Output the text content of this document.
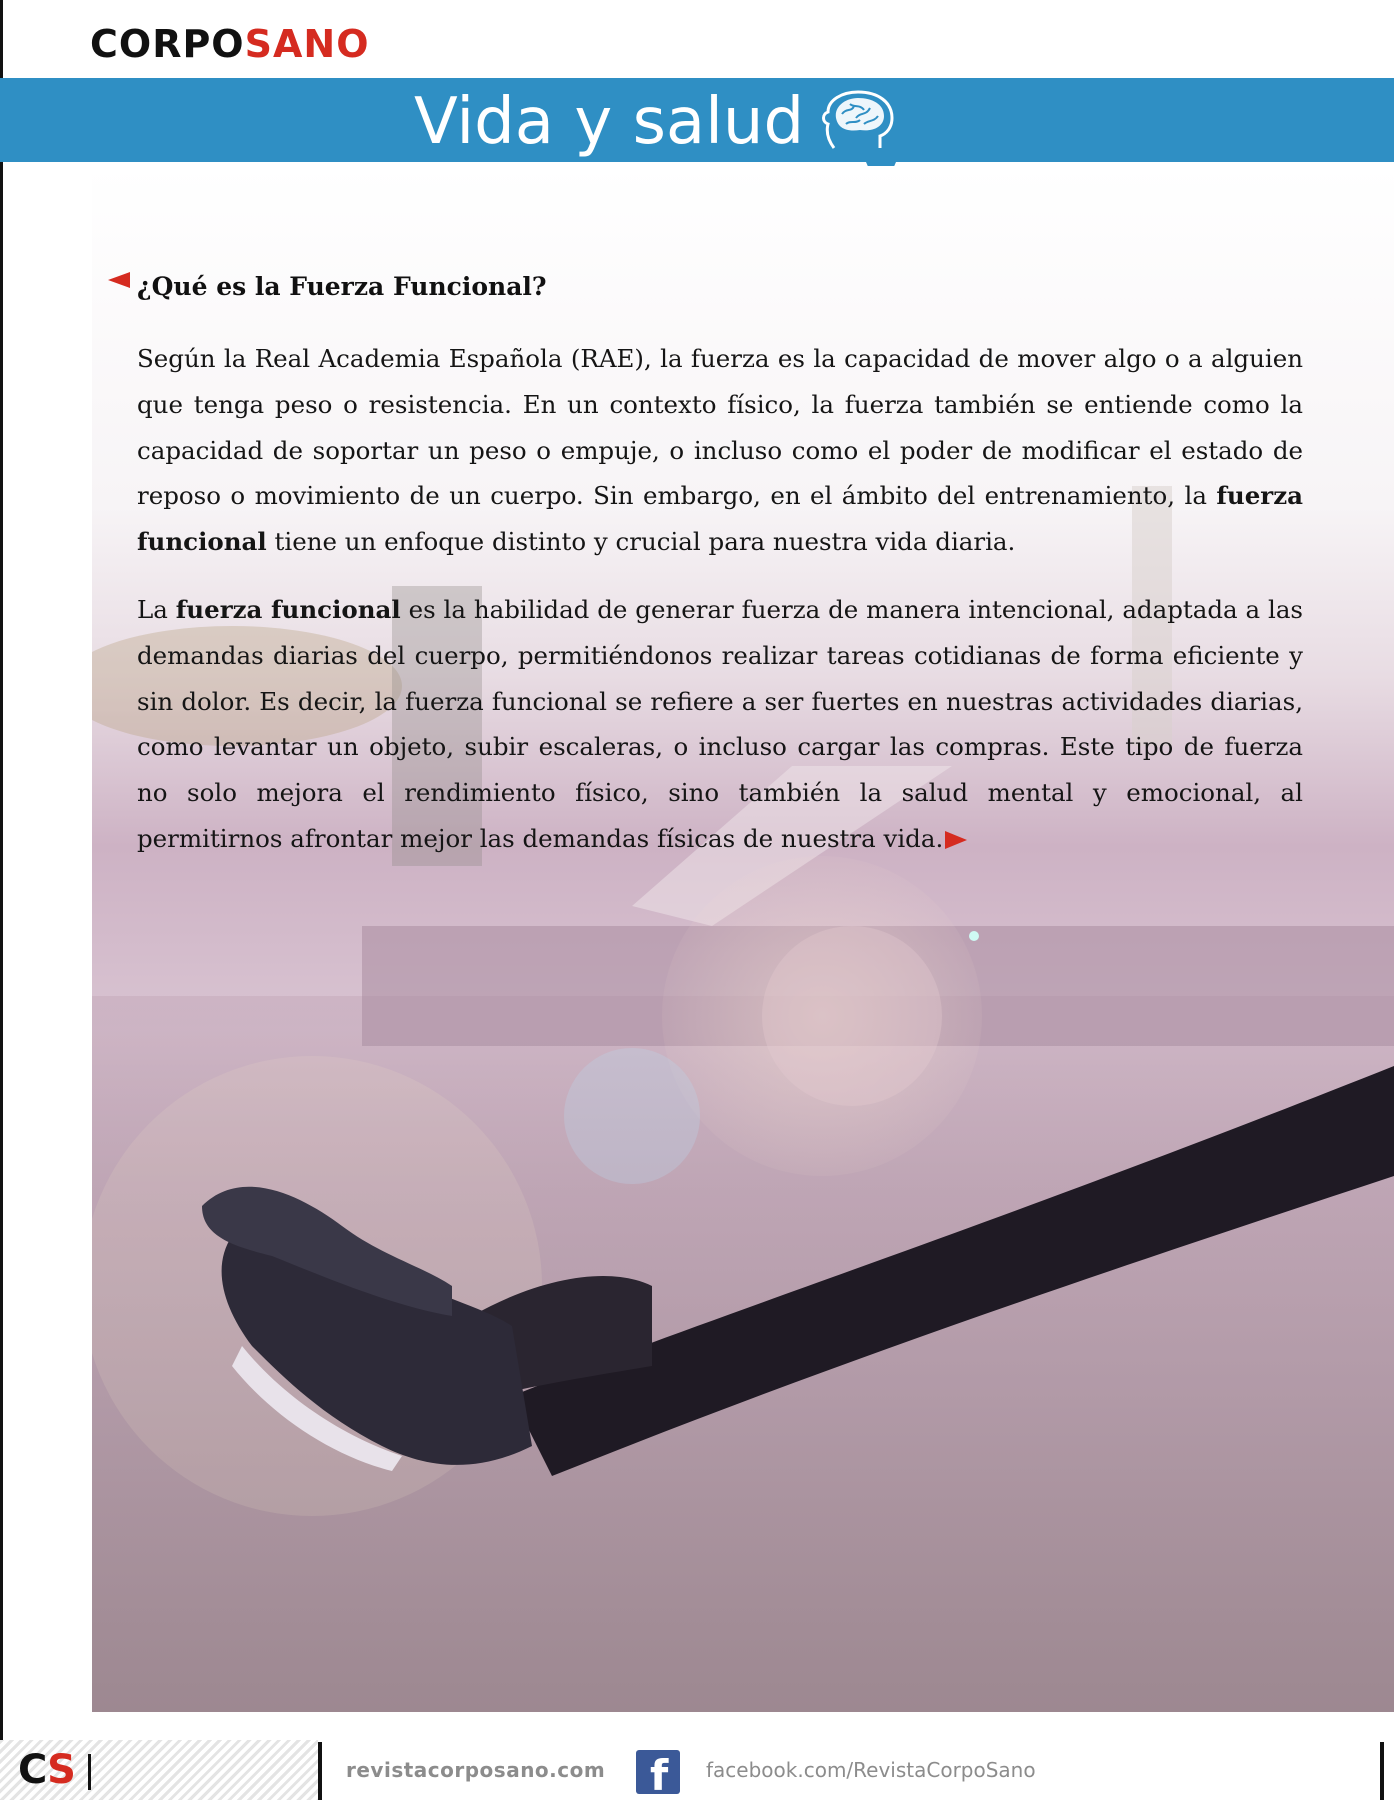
CORPOSANO
Vida y salud
¿Qué es la Fuerza Funcional?

Según la Real Academia Española (RAE), la fuerza es la capacidad de mover algo o a alguien que tenga peso o resistencia. En un contexto físico, la fuerza también se entiende como la capacidad de soportar un peso o empuje, o incluso como el poder de modificar el estado de reposo o movimiento de un cuerpo. Sin embargo, en el ámbito del entrenamiento, la fuerza funcional tiene un enfoque distinto y crucial para nuestra vida diaria.

La fuerza funcional es la habilidad de generar fuerza de manera intencional, adaptada a las demandas diarias del cuerpo, permitiéndonos realizar tareas cotidianas de forma eficiente y sin dolor. Es decir, la fuerza funcional se refiere a ser fuertes en nuestras actividades diarias, como levantar un objeto, subir escaleras, o incluso cargar las compras. Este tipo de fuerza no solo mejora el rendimiento físico, sino también la salud mental y emocional, al permitirnos afrontar mejor las demandas físicas de nuestra vida.

CS	revistacorposano.com f facebook.com/RevistaCorpoSano
